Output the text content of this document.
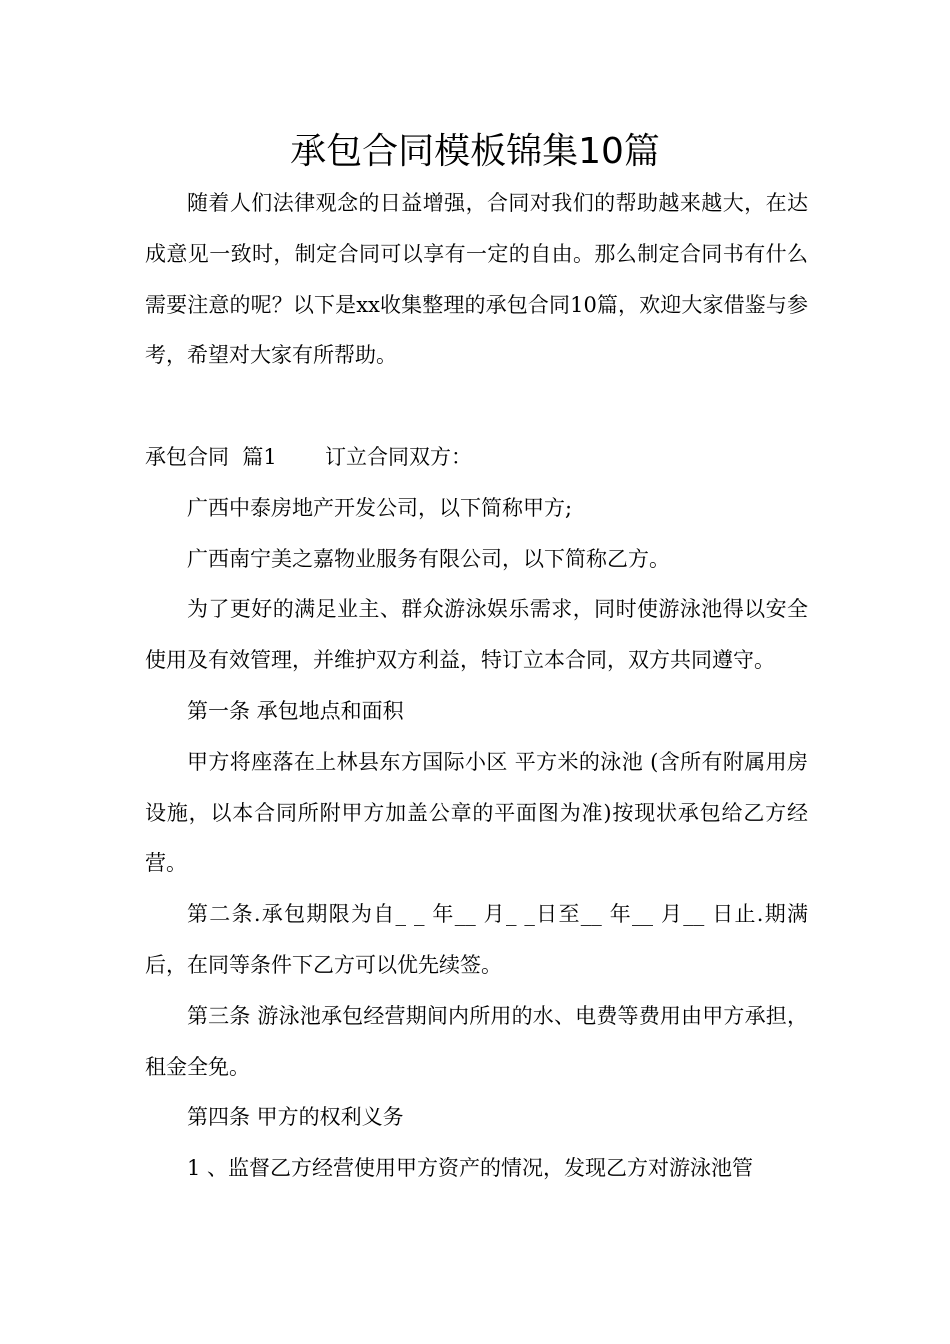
承包合同模板锦集10篇

随着人们法律观念的日益增强，合同对我们的帮助越来越大，在达成意见一致时，制定合同可以享有一定的自由。那么制定合同书有什么需要注意的呢？以下是xx收集整理的承包合同10篇，欢迎大家借鉴与参考，希望对大家有所帮助。

承包合同  篇1 订立合同双方：

广西中泰房地产开发公司，以下简称甲方;

广西南宁美之嘉物业服务有限公司，以下简称乙方。

为了更好的满足业主、群众游泳娱乐需求，同时使游泳池得以安全使用及有效管理，并维护双方利益，特订立本合同，双方共同遵守。

第一条 承包地点和面积

甲方将座落在上林县东方国际小区 平方米的泳池 (含所有附属用房设施，以本合同所附甲方加盖公章的平面图为准)按现状承包给乙方经营。

第二条.承包期限为自_ _ 年__ 月_ _日至__ 年__ 月__ 日止.期满后，在同等条件下乙方可以优先续签。

第三条 游泳池承包经营期间内所用的水、电费等费用由甲方承担，租金全免。

第四条 甲方的权利义务

1 、监督乙方经营使用甲方资产的情况，发现乙方对游泳池管
